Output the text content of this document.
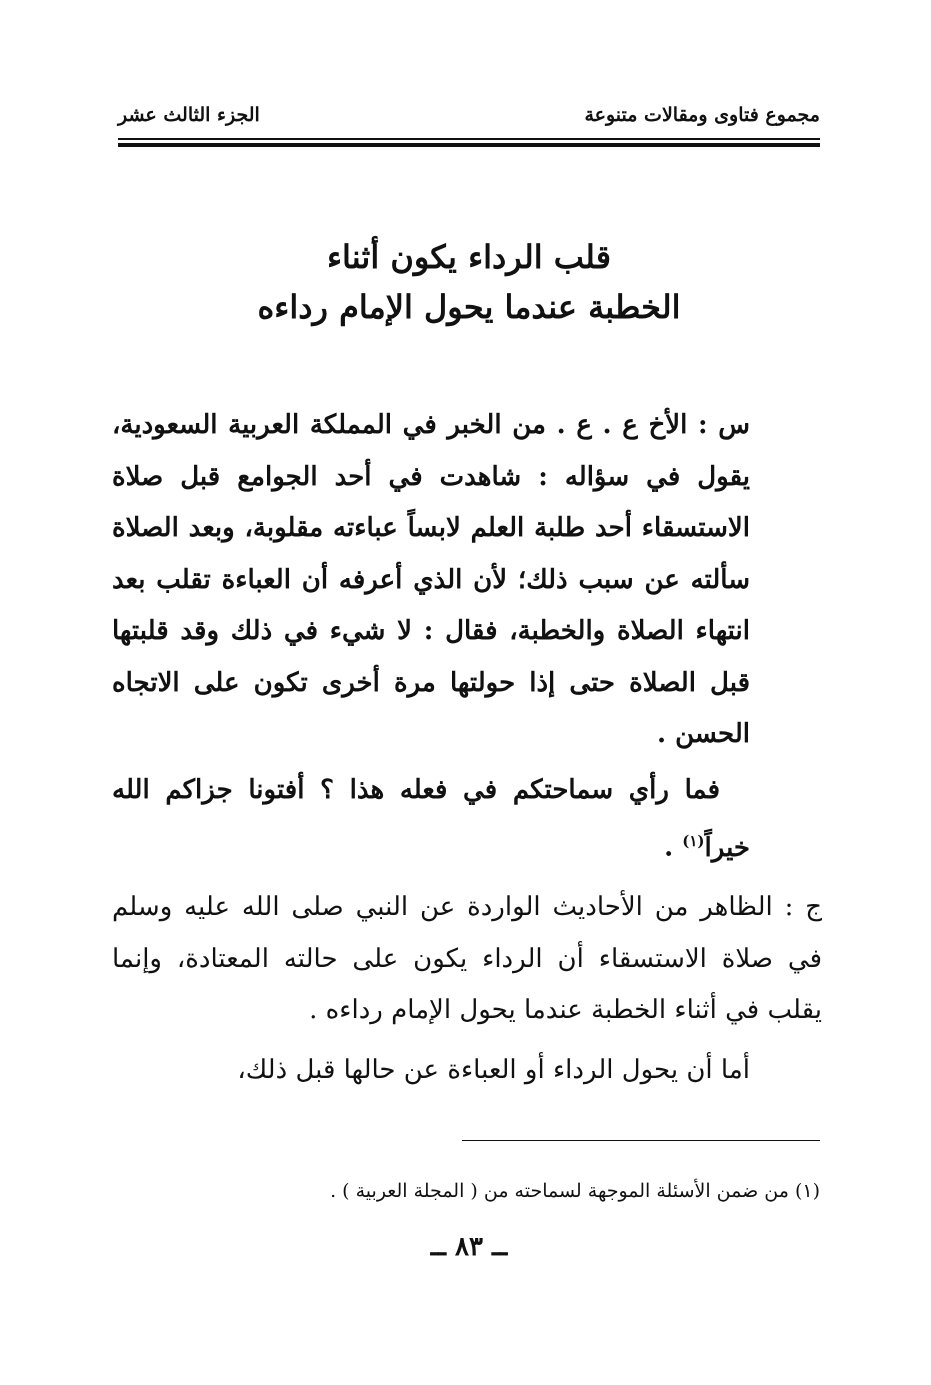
مجموع فتاوى ومقالات متنوعة
الجزء الثالث عشر
قلب الرداء يكون أثناء
الخطبة عندما يحول الإمام رداءه

س : الأخ ع . ع . من الخبر في المملكة العربية السعودية، يقول في سؤاله : شاهدت في أحد الجوامع قبل صلاة الاستسقاء أحد طلبة العلم لابساً عباءته مقلوبة، وبعد الصلاة سألته عن سبب ذلك؛ لأن الذي أعرفه أن العباءة تقلب بعد انتهاء الصلاة والخطبة، فقال : لا شيء في ذلك وقد قلبتها قبل الصلاة حتى إذا حولتها مرة أخرى تكون على الاتجاه الحسن .

فما رأي سماحتكم في فعله هذا ؟ أفتونا جزاكم الله خيراً$^{(١)}$ .

ج : الظاهر من الأحاديث الواردة عن النبي صلى الله عليه وسلم في صلاة الاستسقاء أن الرداء يكون على حالته المعتادة، وإنما يقلب في أثناء الخطبة عندما يحول الإمام رداءه .

أما أن يحول الرداء أو العباءة عن حالها قبل ذلك،

(١) من ضمن الأسئلة الموجهة لسماحته من ( المجلة العربية ) .
ــ ٨٣ ــ
